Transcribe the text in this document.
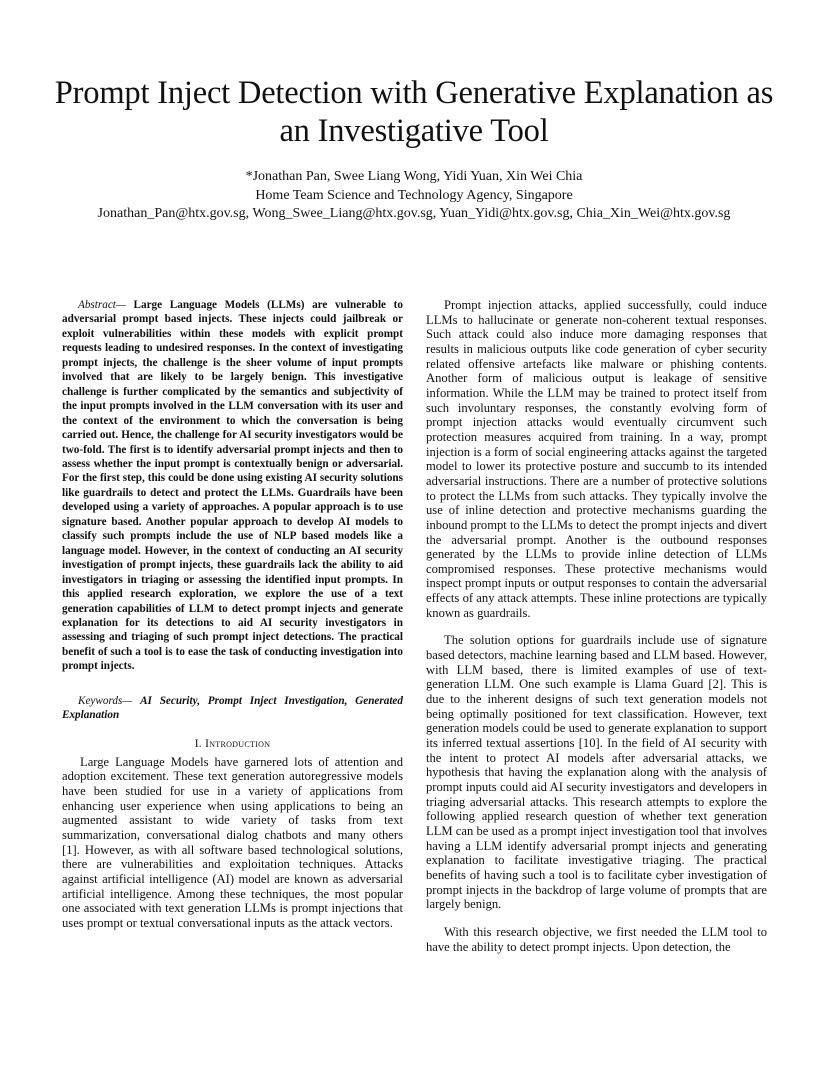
Prompt Inject Detection with Generative Explanation as an Investigative Tool
*Jonathan Pan, Swee Liang Wong, Yidi Yuan, Xin Wei Chia
Home Team Science and Technology Agency, Singapore
Jonathan_Pan@htx.gov.sg, Wong_Swee_Liang@htx.gov.sg, Yuan_Yidi@htx.gov.sg, Chia_Xin_Wei@htx.gov.sg

Abstract— Large Language Models (LLMs) are vulnerable to adversarial prompt based injects. These injects could jailbreak or exploit vulnerabilities within these models with explicit prompt requests leading to undesired responses. In the context of investigating prompt injects, the challenge is the sheer volume of input prompts involved that are likely to be largely benign. This investigative challenge is further complicated by the semantics and subjectivity of the input prompts involved in the LLM conversation with its user and the context of the environment to which the conversation is being carried out. Hence, the challenge for AI security investigators would be two-fold. The first is to identify adversarial prompt injects and then to assess whether the input prompt is contextually benign or adversarial. For the first step, this could be done using existing AI security solutions like guardrails to detect and protect the LLMs. Guardrails have been developed using a variety of approaches. A popular approach is to use signature based. Another popular approach to develop AI models to classify such prompts include the use of NLP based models like a language model. However, in the context of conducting an AI security investigation of prompt injects, these guardrails lack the ability to aid investigators in triaging or assessing the identified input prompts. In this applied research exploration, we explore the use of a text generation capabilities of LLM to detect prompt injects and generate explanation for its detections to aid AI security investigators in assessing and triaging of such prompt inject detections. The practical benefit of such a tool is to ease the task of conducting investigation into prompt injects.

Keywords— AI Security, Prompt Inject Investigation, Generated Explanation

I. Introduction

Large Language Models have garnered lots of attention and adoption excitement. These text generation autoregressive models have been studied for use in a variety of applications from enhancing user experience when using applications to being an augmented assistant to wide variety of tasks from text summarization, conversational dialog chatbots and many others [1]. However, as with all software based technological solutions, there are vulnerabilities and exploitation techniques. Attacks against artificial intelligence (AI) model are known as adversarial artificial intelligence. Among these techniques, the most popular one associated with text generation LLMs is prompt injections that uses prompt or textual conversational inputs as the attack vectors.

Prompt injection attacks, applied successfully, could induce LLMs to hallucinate or generate non-coherent textual responses. Such attack could also induce more damaging responses that results in malicious outputs like code generation of cyber security related offensive artefacts like malware or phishing contents. Another form of malicious output is leakage of sensitive information. While the LLM may be trained to protect itself from such involuntary responses, the constantly evolving form of prompt injection attacks would eventually circumvent such protection measures acquired from training. In a way, prompt injection is a form of social engineering attacks against the targeted model to lower its protective posture and succumb to its intended adversarial instructions. There are a number of protective solutions to protect the LLMs from such attacks. They typically involve the use of inline detection and protective mechanisms guarding the inbound prompt to the LLMs to detect the prompt injects and divert the adversarial prompt. Another is the outbound responses generated by the LLMs to provide inline detection of LLMs compromised responses. These protective mechanisms would inspect prompt inputs or output responses to contain the adversarial effects of any attack attempts. These inline protections are typically known as guardrails.

The solution options for guardrails include use of signature based detectors, machine learning based and LLM based. However, with LLM based, there is limited examples of use of text-generation LLM. One such example is Llama Guard [2]. This is due to the inherent designs of such text generation models not being optimally positioned for text classification. However, text generation models could be used to generate explanation to support its inferred textual assertions [10]. In the field of AI security with the intent to protect AI models after adversarial attacks, we hypothesis that having the explanation along with the analysis of prompt inputs could aid AI security investigators and developers in triaging adversarial attacks. This research attempts to explore the following applied research question of whether text generation LLM can be used as a prompt inject investigation tool that involves having a LLM identify adversarial prompt injects and generating explanation to facilitate investigative triaging. The practical benefits of having such a tool is to facilitate cyber investigation of prompt injects in the backdrop of large volume of prompts that are largely benign.

With this research objective, we first needed the LLM tool to have the ability to detect prompt injects. Upon detection, the
